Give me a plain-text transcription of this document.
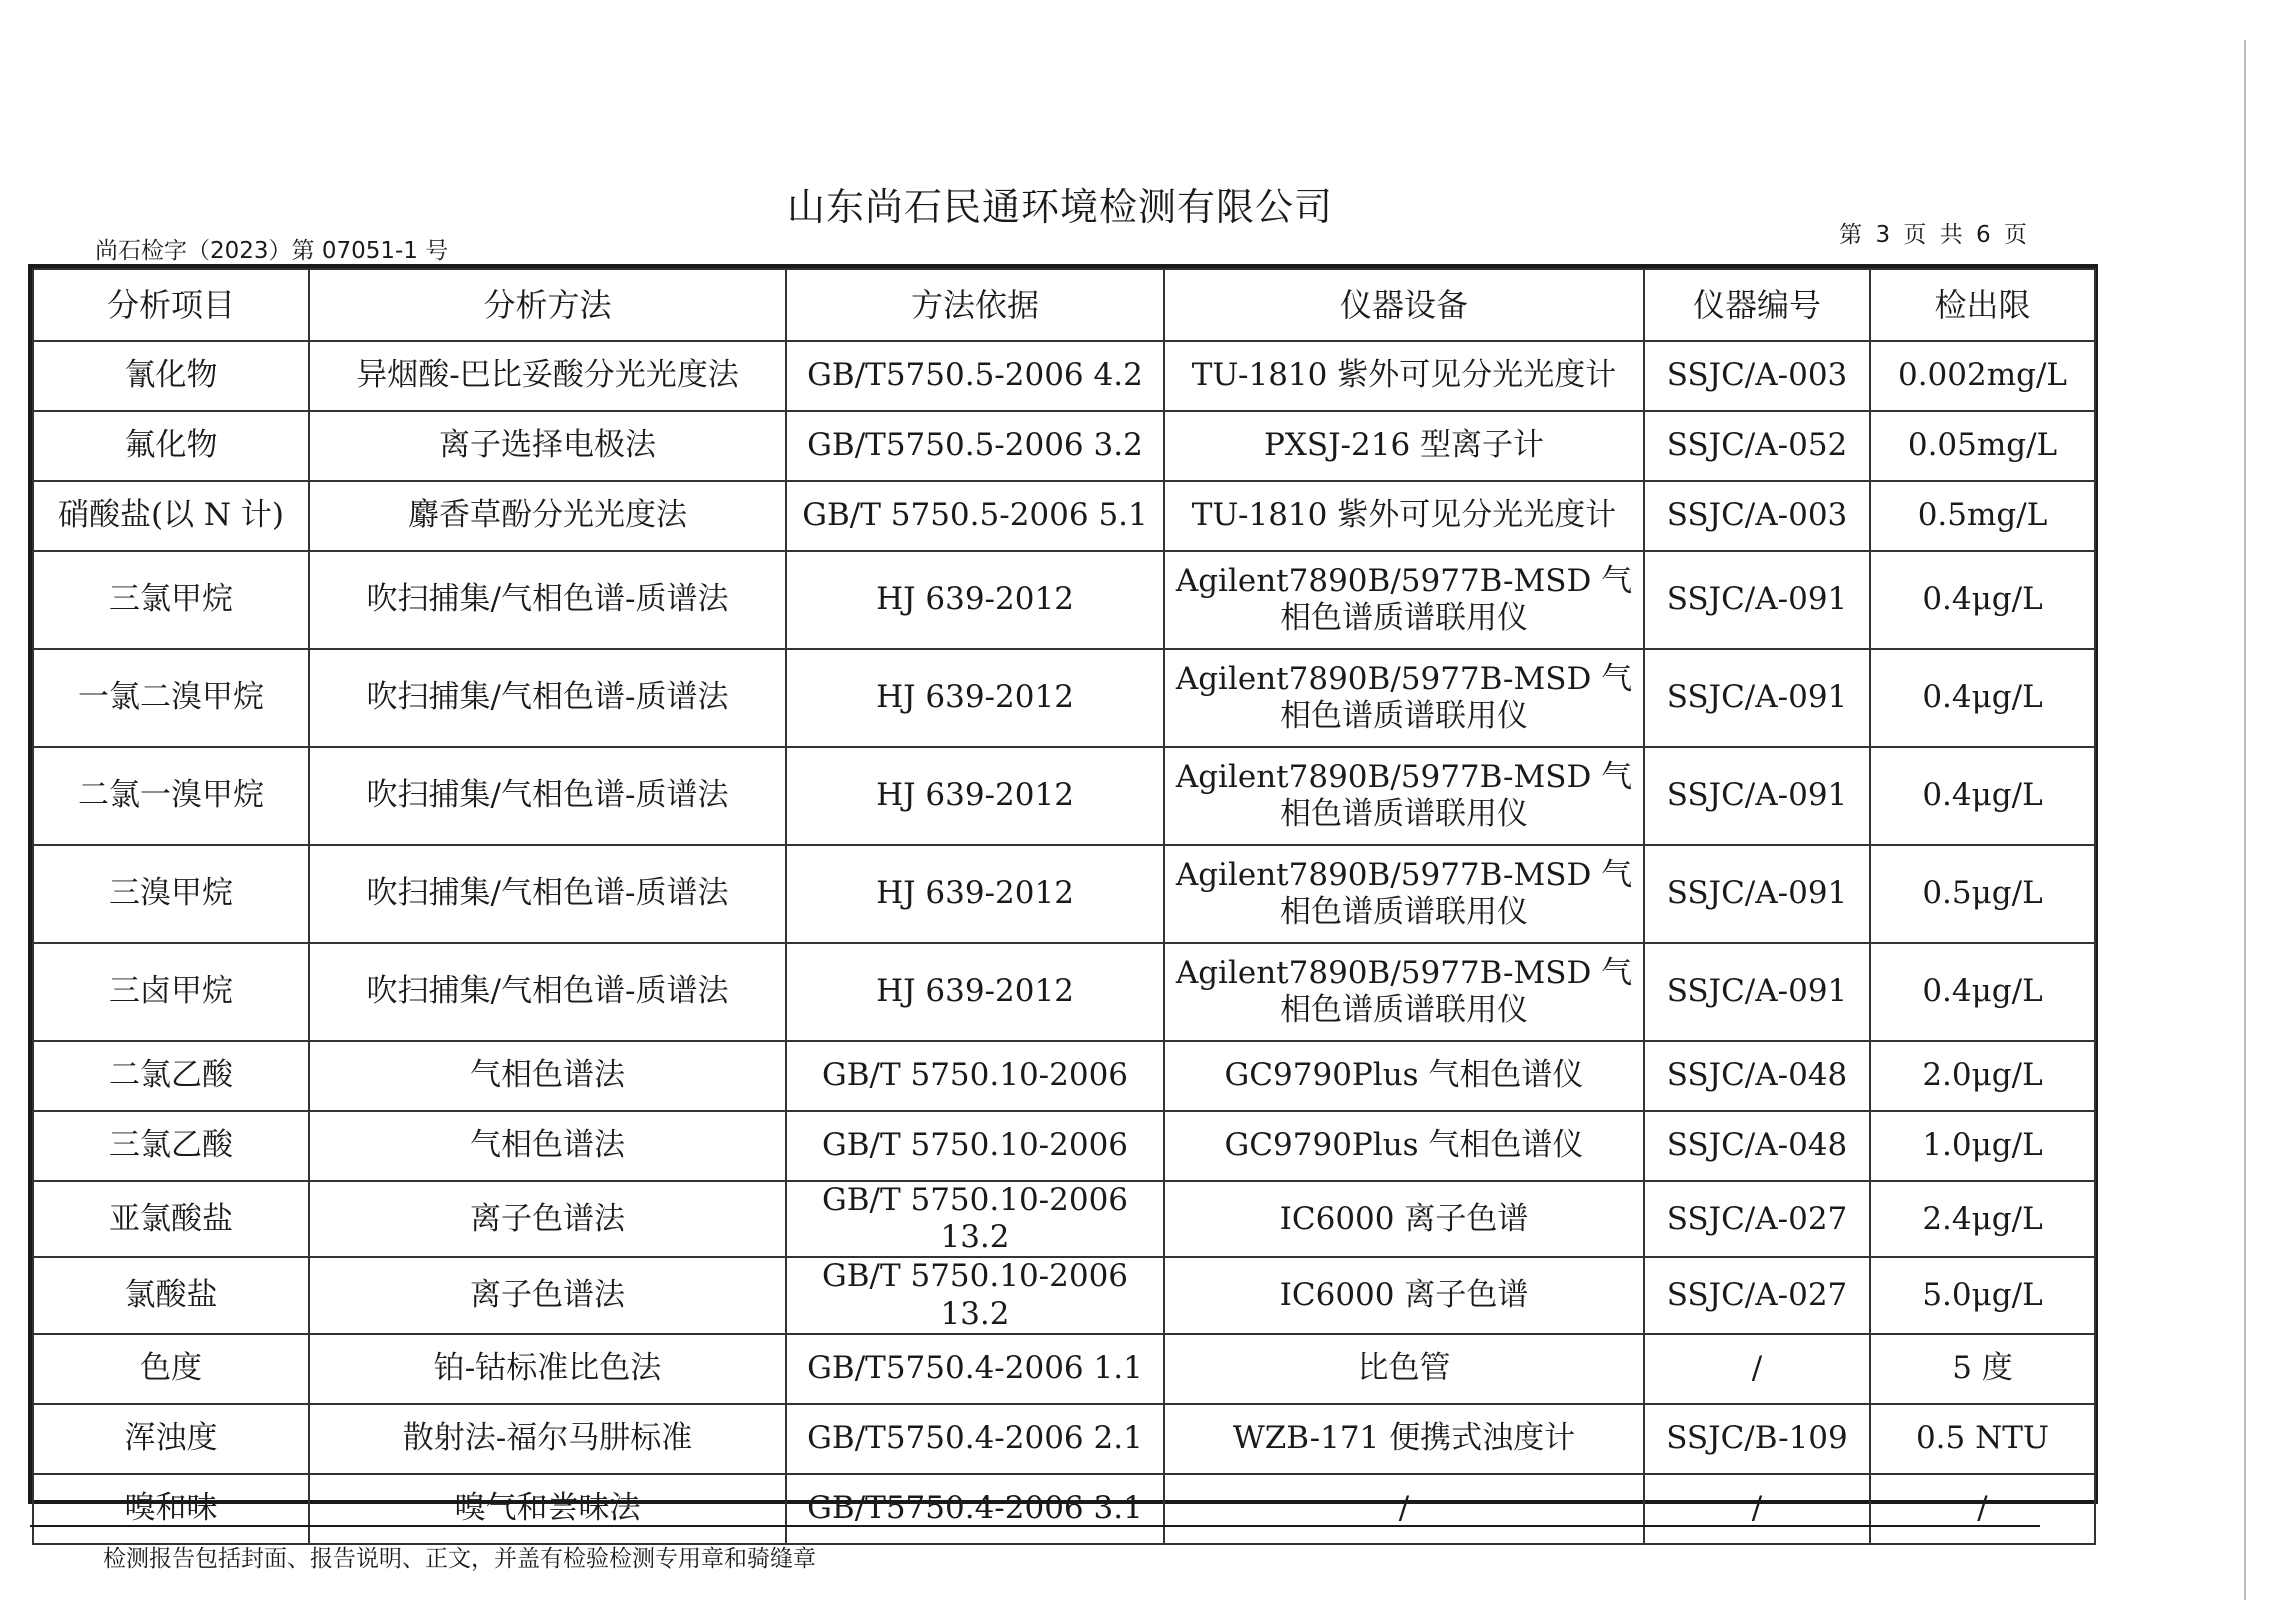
山东尚石民通环境检测有限公司
尚石检字（2023）第 07051-1 号
第 3 页 共 6 页
分析项目	分析方法	方法依据	仪器设备	仪器编号	检出限
氰化物	异烟酸-巴比妥酸分光光度法	GB/T5750.5-2006 4.2	TU-1810 紫外可见分光光度计	SSJC/A-003	0.002mg/L
氟化物	离子选择电极法	GB/T5750.5-2006 3.2	PXSJ-216 型离子计	SSJC/A-052	0.05mg/L
硝酸盐(以 N 计)	麝香草酚分光光度法	GB/T 5750.5-2006 5.1	TU-1810 紫外可见分光光度计	SSJC/A-003	0.5mg/L
三氯甲烷	吹扫捕集/气相色谱-质谱法	HJ 639-2012	Agilent7890B/5977B-MSD 气相色谱质谱联用仪	SSJC/A-091	0.4μg/L
一氯二溴甲烷	吹扫捕集/气相色谱-质谱法	HJ 639-2012	Agilent7890B/5977B-MSD 气相色谱质谱联用仪	SSJC/A-091	0.4μg/L
二氯一溴甲烷	吹扫捕集/气相色谱-质谱法	HJ 639-2012	Agilent7890B/5977B-MSD 气相色谱质谱联用仪	SSJC/A-091	0.4μg/L
三溴甲烷	吹扫捕集/气相色谱-质谱法	HJ 639-2012	Agilent7890B/5977B-MSD 气相色谱质谱联用仪	SSJC/A-091	0.5μg/L
三卤甲烷	吹扫捕集/气相色谱-质谱法	HJ 639-2012	Agilent7890B/5977B-MSD 气相色谱质谱联用仪	SSJC/A-091	0.4μg/L
二氯乙酸	气相色谱法	GB/T 5750.10-2006	GC9790Plus 气相色谱仪	SSJC/A-048	2.0μg/L
三氯乙酸	气相色谱法	GB/T 5750.10-2006	GC9790Plus 气相色谱仪	SSJC/A-048	1.0μg/L
亚氯酸盐	离子色谱法	GB/T 5750.10-2006 13.2	IC6000 离子色谱	SSJC/A-027	2.4μg/L
氯酸盐	离子色谱法	GB/T 5750.10-2006 13.2	IC6000 离子色谱	SSJC/A-027	5.0μg/L
色度	铂-钴标准比色法	GB/T5750.4-2006 1.1	比色管	/	5 度
浑浊度	散射法-福尔马肼标准	GB/T5750.4-2006 2.1	WZB-171 便携式浊度计	SSJC/B-109	0.5 NTU
嗅和味	嗅气和尝味法	GB/T5750.4-2006 3.1	/	/	/
检测报告包括封面、报告说明、正文，并盖有检验检测专用章和骑缝章
